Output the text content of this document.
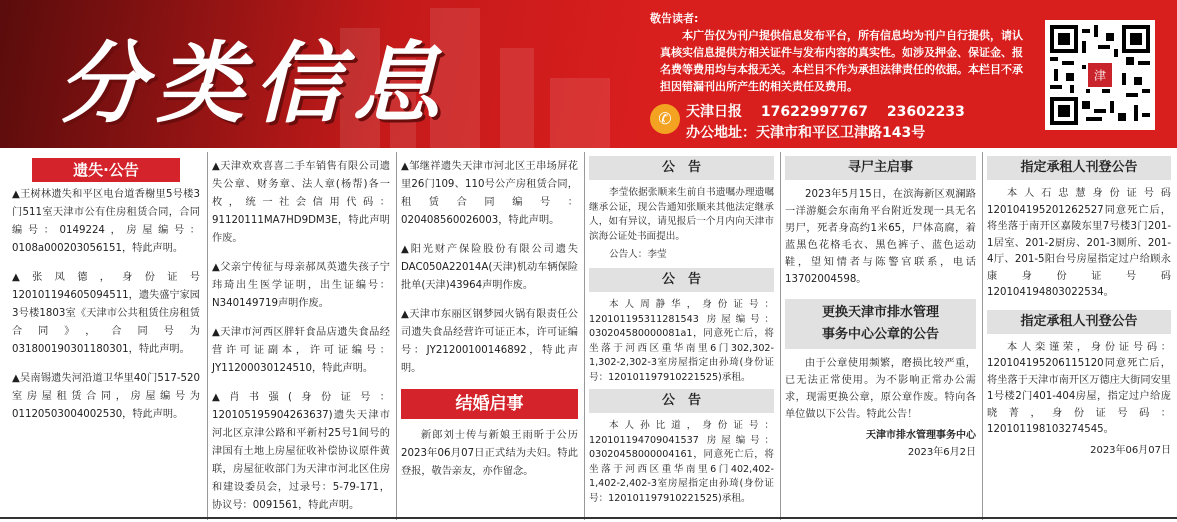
分类信息
敬告读者:
本广告仅为刊户提供信息发布平台，所有信息均为刊户自行提供，请认真核实信息提供方相关证件与发布内容的真实性。如涉及押金、保证金、报名费等费用均与本报无关。本栏目不作为承担法律责任的依据。本栏目不承担因错漏刊出所产生的相关责任及费用。
✆	天津日报 17622997767 23602233
办公地址：天津市和平区卫津路143号
津
遗失·公告

▲王树林遗失和平区电台道香榭里5号楼3门511室天津市公有住房租赁合同，合同编号：0149224，房屋编号：0108a000203056151，特此声明。

▲张凤德，身份证号120101194605094511，遗失盛宁家园3号楼1803室《天津市公共租赁住房租赁合同》，合同号为031800190301180301，特此声明。

▲吴南锡遗失河沿道卫华里40门517-520室房屋租赁合同，房屋编号为011205030040025​30，特此声明。

▲天津欢欢喜喜二手车销售有限公司遗失公章、财务章、法人章(杨帮)各一枚，统一社会信用代码：91120111MA7HD9DM3E，特此声明作废。

▲父亲宁传征与母亲郝凤英遗失孩子宁玮琦出生医学证明，出生证编号：N340149719声明作废。

▲天津市河西区胖轩食品店遗失食品经营许可证副本，许可证编号：JY11200030124510，特此声明。

▲肖书强(身份证号：120105195904263637)遗失天津市河北区京津公路和平新村25号1间号的津国有土地上房屋征收补偿协议原件黄联，房屋征收部门为天津市河北区住房和建设委员会，过录号：5-79-171，协议号：0091561，特此声明。

▲邹继祥遗失天津市河北区王串场屏花里26门109、110号公产房租赁合同，租赁合同编号：020408560026003，特此声明。

▲阳光财产保险股份有限公司遗失DAC050A22014A(天津)机动车辆保险批单(天津)43964声明作废。

▲天津市东丽区钢梦园火锅有限责任公司遗失食品经营许可证正本，许可证编号：JY21200100146892，特此声明。

结婚启事

新郎刘士传与新娘王雨昕于公历2023年06月07日正式结为夫妇。特此登报，敬告亲友，亦作留念。

公　告

李莹依据张顺来生前自书遗嘱办理遗嘱继承公证，现公告通知张顺来其他法定继承人，如有异议，请见报后一个月内向天津市滨海公证处书面提出。

公告人：李莹
公　告

本人周静华，身份证号：120101195311281543 房屋编号：030204580000081a1，同意死亡后，将坐落于河西区重华南里6门302,302-1,302-2,302-3室房屋指定由孙琦(身份证号：120101197910221525)承租。

公　告

本人孙比道，身份证号：120101194709041537 房屋编号：030204580000041​61，同意死亡后，将坐落于河西区重华南里6门402,402-1,402-2,402-3室房屋指定由孙琦(身份证号：120101197910221525)承租。

寻尸主启事

2023年5月15日，在滨海新区观澜路一洋游艇会东南角平台附近发现一具无名男尸，死者身高约1米65，尸体高腐，着蓝黑色花格毛衣、黑色裤子、蓝色运动鞋，望知情者与陈警官联系，电话13702004598。

更换天津市排水管理
事务中心公章的公告

由于公章使用频繁，磨损比较严重，已无法正常使用。为不影响正常办公需求，现需更换公章，原公章作废。特向各单位做以下公告。特此公告！

天津市排水管理事务中心
2023年6月2日
指定承租人刊登公告

本人石忠慧身份证号码120104195201262527同意死亡后，将坐落于南开区嘉陵东里7号楼3门201-1居室、201-2厨房、201-3厕所、201-4厅、201-5阳台号房屋指定过户给顾永康身份证号码120104194803022534。

指定承租人刊登公告

本人栾谨荣，身份证号码：120104195206115120同意死亡后，将坐落于天津市南开区万德庄大街同安里1号楼2门401-404房屋，指定过户给庞晓菁，身份证号码：120101198103274545。

2023年06月07日
